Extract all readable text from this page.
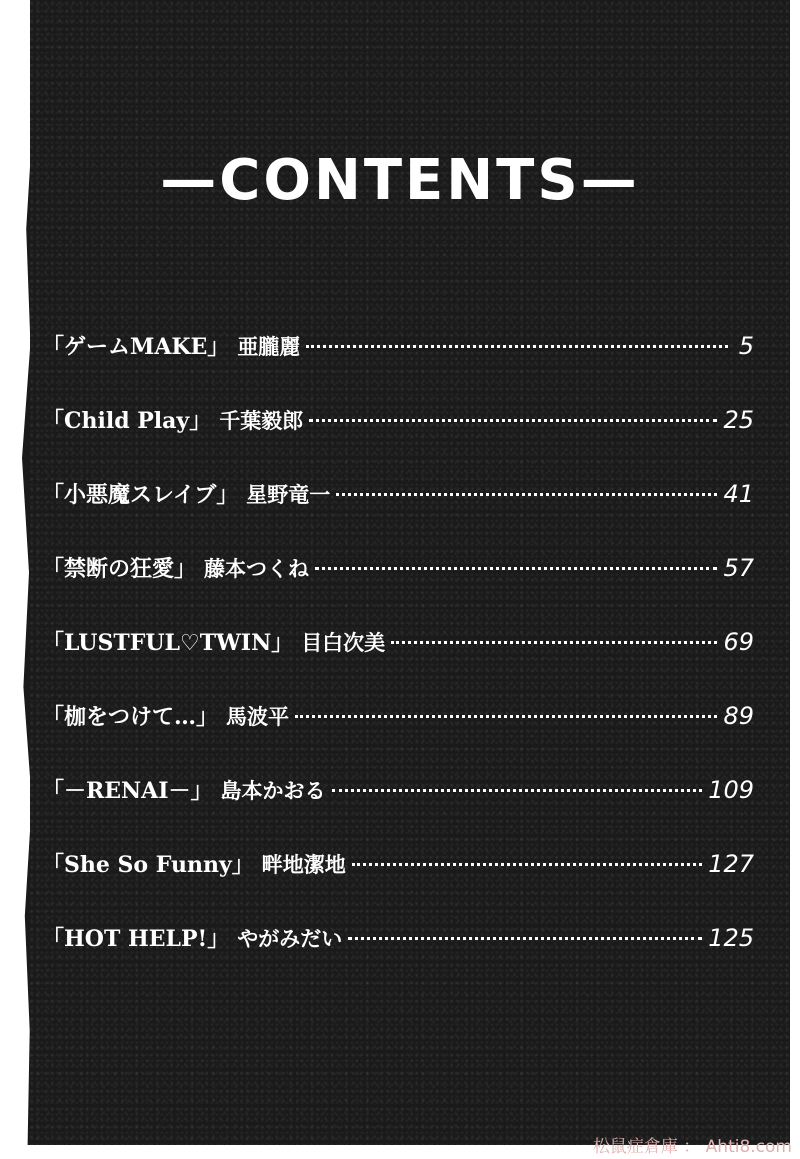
—CONTENTS—
「ゲームMAKE」 亜朧麗	5
「Child Play」 千葉毅郎	25
「小悪魔スレイブ」 星野竜一	41
「禁断の狂愛」 藤本つくね	57
「LUSTFUL♡TWIN」 目白次美	69
「枷をつけて…」 馬波平	89
「－RENAI－」 島本かおる	109
「She So Funny」 畔地潔地	127
「HOT HELP!」 やがみだい	125
松鼠症倉庫 ： Ahti8.com
